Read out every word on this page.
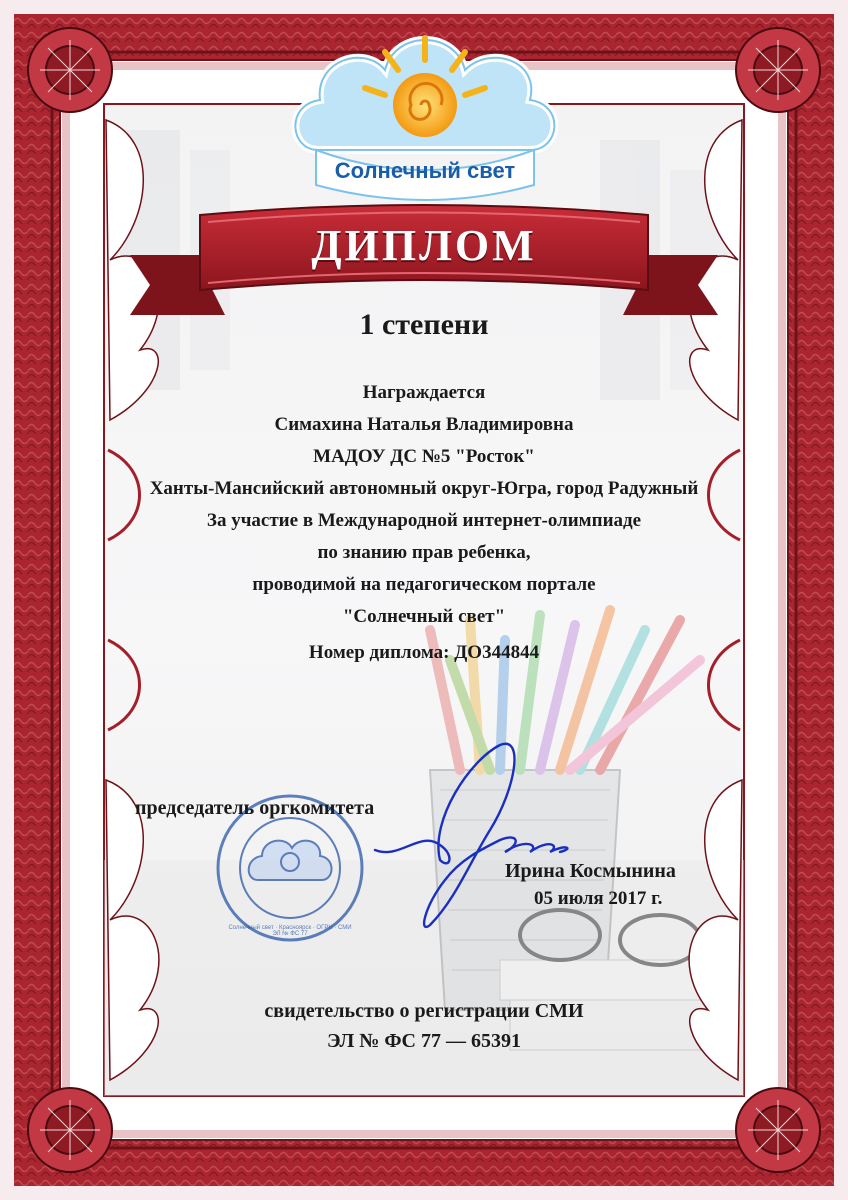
Солнечный свет
ДИПЛОМ
1 степени
Награждается
Симахина Наталья Владимировна
МАДОУ ДС №5 "Росток"
Ханты-Мансийский автономный округ-Югра, город Радужный
За участие в Международной интернет-олимпиаде
по знанию прав ребенка,
проводимой на педагогическом портале
"Солнечный свет"
Номер диплома: ДО344844
председатель оргкомитета
Ирина Космынина
05 июля 2017 г.
Солнечный свет · Красноярск · ОГРН · СМИ ЭЛ № ФС 77
свидетельство о регистрации СМИ
ЭЛ № ФС 77 — 65391
